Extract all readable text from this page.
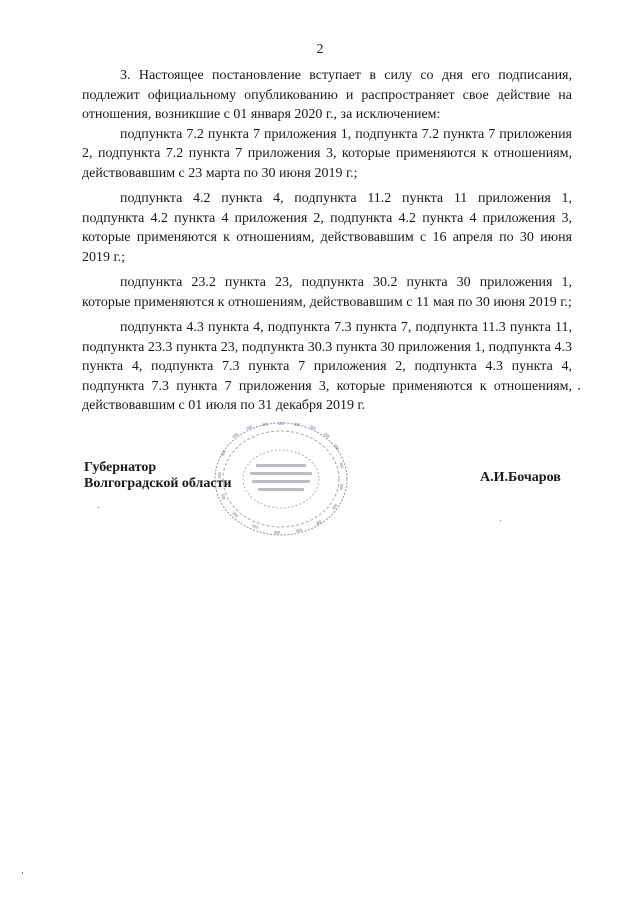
2

3. Настоящее постановление вступает в силу со дня его подписания, подлежит официальному опубликованию и распространяет свое действие на отношения, возникшие с 01 января 2020 г., за исключением:

подпункта 7.2 пункта 7 приложения 1, подпункта 7.2 пункта 7 приложения 2, подпункта 7.2 пункта 7 приложения 3, которые применяются к отношениям, действовавшим с 23 марта по 30 июня 2019 г.;

подпункта 4.2 пункта 4, подпункта 11.2 пункта 11 приложения 1, подпункта 4.2 пункта 4 приложения 2, подпункта 4.2 пункта 4 приложения 3, которые применяются к отношениям, действовавшим с 16 апреля по 30 июня 2019 г.;

подпункта 23.2 пункта 23, подпункта 30.2 пункта 30 приложения 1, которые применяются к отношениям, действовавшим с 11 мая по 30 июня 2019 г.;

подпункта 4.3 пункта 4, подпункта 7.3 пункта 7, подпункта 11.3 пункта 11, подпункта 23.3 пункта 23, подпункта 30.3 пункта 30 приложения 1, подпункта 4.3 пункта 4, подпункта 7.3 пункта 7 приложения 2, подпункта 4.3 пункта 4, подпункта 7.3 пункта 7 приложения 3, которые применяются к отношениям, действовавшим с 01 июля по 31 декабря 2019 г.

Губернатор
Волгоградской области	А.И.Бочаров
